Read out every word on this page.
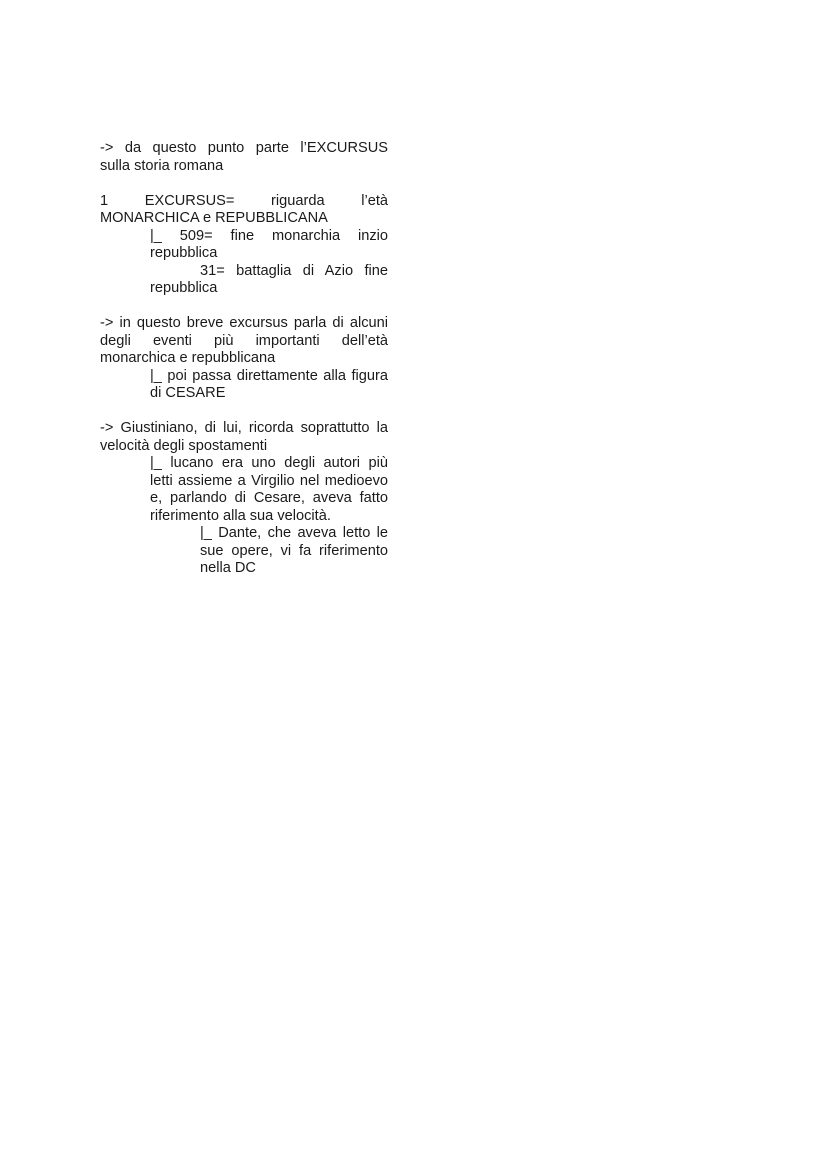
-> da questo punto parte l’EXCURSUS

sulla storia romana

1	EXCURSUS=	riguarda	l’età

MONARCHICA e REPUBBLICANA

|_ 509= fine monarchia inzio repubblica

31= battaglia di Azio fine

repubblica

-> in questo breve excursus parla di alcuni degli eventi più importanti dell’età monarchica e repubblicana

|_ poi passa direttamente alla figura di CESARE

-> Giustiniano, di lui, ricorda soprattutto la velocità degli spostamenti

|_ lucano era uno degli autori più letti assieme a Virgilio nel medioevo e, parlando di Cesare, aveva fatto riferimento alla sua velocità.

|_ Dante, che aveva letto le sue opere, vi fa riferimento nella DC
